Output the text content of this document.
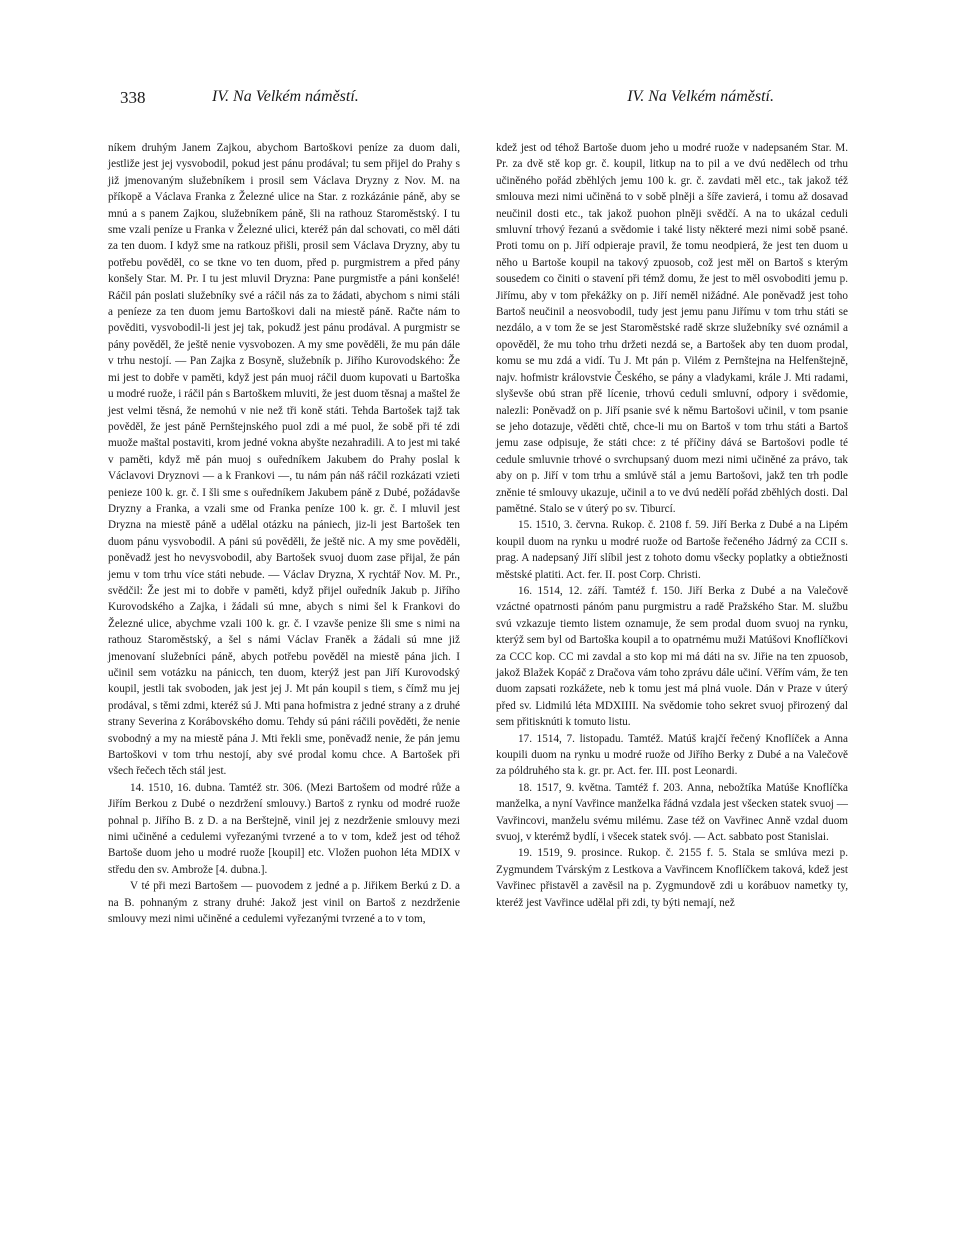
338	IV. Na Velkém náměstí.	IV. Na Velkém náměstí.

níkem druhým Janem Zajkou, abychom Bartoškovi peníze za duom dali, jestliže jest jej vysvobodil, pokud jest pánu prodával; tu sem přijel do Prahy s již jmenovaným služebníkem i prosil sem Václava Dryzny z Nov. M. na příkopě a Václava Franka z Železné ulice na Star. z rozkázánie páně, aby se mnú a s panem Zajkou, služebníkem páně, šli na rathouz Staroměstský. I tu sme vzali peníze u Franka v Železné ulici, kteréž pán dal schovati, co měl dáti za ten duom. I když sme na ratkouz přišli, prosil sem Václava Dryzny, aby tu potřebu pověděl, co se tkne vo ten duom, před p. purgmistrem a před pány konšely Star. M. Pr. I tu jest mluvil Dryzna: Pane purgmistře a páni konšelé! Ráčil pán poslati služebníky své a ráčil nás za to žádati, abychom s nimi stáli a peníeze za ten duom jemu Bartoškovi dali na miestě páně. Račte nám to pověditi, vysvobodil-li jest jej tak, pokudž jest pánu prodával. A purgmistr se pány pověděl, že ještě nenie vysvobozen. A my sme pověděli, že mu pán dále v trhu nestojí. — Pan Zajka z Bosyně, služebník p. Jiřího Kurovodského: Že mi jest to dobře v paměti, když jest pán muoj ráčil duom kupovati u Bartoška u modré ruože, i ráčil pán s Bartoškem mluviti, že jest duom těsnaj a maštel že jest velmi těsná, že nemohú v nie než tři koně státi. Tehda Bartošek tajž tak pověděl, že jest páně Pernštejnského puol zdi a mé puol, že sobě při té zdi muože maštal postaviti, krom jedné vokna abyšte nezahradili. A to jest mi také v paměti, když mě pán muoj s ouředníkem Jakubem do Prahy poslal k Václavovi Dryznovi — a k Frankovi —, tu nám pán náš ráčil rozkázati vzieti penieze 100 k. gr. č. I šli sme s ouředníkem Jakubem páně z Dubé, požádavše Dryzny a Franka, a vzali sme od Franka peníze 100 k. gr. č. I mluvil jest Dryzna na miestě páně a udělal otázku na pániech, jiz-li jest Bartošek ten duom pánu vysvobodil. A páni sú pověděli, že ještě nic. A my sme pověděli, poněvadž jest ho nevysvobodil, aby Bartošek svuoj duom zase přijal, že pán jemu v tom trhu více státi nebude. — Václav Dryzna, X rychtář Nov. M. Pr., svědčil: Že jest mi to dobře v paměti, když přijel ouředník Jakub p. Jiřího Kurovodského a Zajka, i žádali sú mne, abych s nimi šel k Frankovi do Železné ulice, abychme vzali 100 k. gr. č. I vzavše penize šli sme s nimi na rathouz Staroměstský, a šel s námi Václav Franěk a žádali sú mne již jmenovaní služebníci páně, abych potřebu pověděl na miestě pána jich. I učinil sem votázku na pánicch, ten duom, kterýž jest pan Jiří Kurovodský koupil, jestli tak svoboden, jak jest jej J. Mt pán koupil s tiem, s čímž mu jej prodával, s těmi zdmi, kteréž sú J. Mti pana hofmistra z jedné strany a z druhé strany Severina z Korábovského domu. Tehdy sú páni ráčili pověděti, že nenie svobodný a my na miestě pána J. Mti řekli sme, poněvadž nenie, že pán jemu Bartoškovi v tom trhu nestojí, aby své prodal komu chce. A Bartošek při všech řečech těch stál jest.

14. 1510, 16. dubna. Tamtéž str. 306. (Mezi Bartošem od modré růže a Jiřím Berkou z Dubé o nezdržení smlouvy.) Bartoš z rynku od modré ruože pohnal p. Jiřího B. z D. a na Berštejně, vinil jej z nezdrženie smlouvy mezi nimi učiněné a cedulemi vyřezanými tvrzené a to v tom, kdež jest od téhož Bartoše duom jeho u modré ruože [koupil] etc. Vložen puohon léta MDIX v středu den sv. Ambrože [4. dubna.].

V té při mezi Bartošem — puovodem z jedné a p. Jiřikem Berkú z D. a na B. pohnaným z strany druhé: Jakož jest vinil on Bartoš z nezdrženie smlouvy mezi nimi učiněné a cedulemi vyřezanými tvrzené a to v tom,

kdež jest od téhož Bartoše duom jeho u modré ruože v nadepsaném Star. M. Pr. za dvě stě kop gr. č. koupil, litkup na to pil a ve dvú nedělech od trhu učiněného pořád zběhlých jemu 100 k. gr. č. zavdati měl etc., tak jakož též smlouva mezi nimi učiněná to v sobě plněji a šíře zavierá, i tomu až dosavad neučinil dosti etc., tak jakož puohon plněji svědčí. A na to ukázal ceduli smluvní trhový řezanú a svědomie i také listy některé mezi nimi sobě psané. Proti tomu on p. Jiří odpieraje pravil, že tomu neodpierá, že jest ten duom u něho u Bartoše koupil na takový zpuosob, což jest měl on Bartoš s kterým sousedem co činiti o stavení při témž domu, že jest to měl osvoboditi jemu p. Jiřímu, aby v tom překážky on p. Jiří neměl nižádné. Ale poněvadž jest toho Bartoš neučinil a neosvobodil, tudy jest jemu panu Jiřímu v tom trhu státi se nezdálo, a v tom že se jest Staroměstské radě skrze služebníky své oznámil a opověděl, že mu toho trhu držeti nezdá se, a Bartošek aby ten duom prodal, komu se mu zdá a vidí. Tu J. Mt pán p. Vilém z Pernštejna na Helfenštejně, najv. hofmistr královstvie Českého, se pány a vladykami, krále J. Mti radami, slyševše obú stran přě lícenie, trhovú ceduli smluvní, odpory i svědomie, nalezli: Poněvadž on p. Jiří psanie své k němu Bartošovi učinil, v tom psanie se jeho dotazuje, věděti chtě, chce-li mu on Bartoš v tom trhu státi a Bartoš jemu zase odpisuje, že státi chce: z té příčiny dává se Bartošovi podle té cedule smluvnie trhové o svrchupsaný duom mezi nimi učiněné za právo, tak aby on p. Jiří v tom trhu a smlúvě stál a jemu Bartošovi, jakž ten trh podle zněnie té smlouvy ukazuje, učinil a to ve dvú nedělí pořád zběhlých dosti. Dal pamětné. Stalo se v úterý po sv. Tiburcí.

15. 1510, 3. června. Rukop. č. 2108 f. 59. Jiří Berka z Dubé a na Lipém koupil duom na rynku u modré ruože od Bartoše řečeného Jádrný za CCII s. prag. A nadepsaný Jiří slíbil jest z tohoto domu všecky poplatky a obtiežnosti městské platiti. Act. fer. II. post Corp. Christi.

16. 1514, 12. září. Tamtéž f. 150. Jiří Berka z Dubé a na Valečově vzáctné opatrnosti pánóm panu purgmistru a radě Pražského Star. M. službu svú vzkazuje tiemto listem oznamuje, že sem prodal duom svuoj na rynku, kterýž sem byl od Bartoška koupil a to opatrnému muži Matúšovi Knoflíčkovi za CCC kop. CC mi zavdal a sto kop mi má dáti na sv. Jiřie na ten zpuosob, jakož Blažek Kopáč z Dračova vám toho zprávu dále učiní. Věřím vám, že ten duom zapsati rozkážete, neb k tomu jest má plná vuole. Dán v Praze v úterý před sv. Lidmilú léta MDXIIII. Na svědomie toho sekret svuoj přirozený dal sem přitisknúti k tomuto listu.

17. 1514, 7. listopadu. Tamtéž. Matúš krajčí řečený Knoflíček a Anna koupili duom na rynku u modré ruože od Jiřího Berky z Dubé a na Valečově za póldruhého sta k. gr. pr. Act. fer. III. post Leonardi.

18. 1517, 9. května. Tamtéž f. 203. Anna, nebožtíka Matúše Knoflíčka manželka, a nyní Vavřince manželka řádná vzdala jest všecken statek svuoj — Vavřincovi, manželu svému milému. Zase též on Vavřinec Anně vzdal duom svuoj, v kterémž bydlí, i všecek statek svój. — Act. sabbato post Stanislai.

19. 1519, 9. prosince. Rukop. č. 2155 f. 5. Stala se smlúva mezi p. Zygmundem Tvárským z Lestkova a Vavřincem Knoflíčkem taková, kdež jest Vavřinec přistavěl a zavěsil na p. Zygmundově zdi u korábuov nametky ty, kteréž jest Vavřince udělal při zdi, ty býti nemají, než
